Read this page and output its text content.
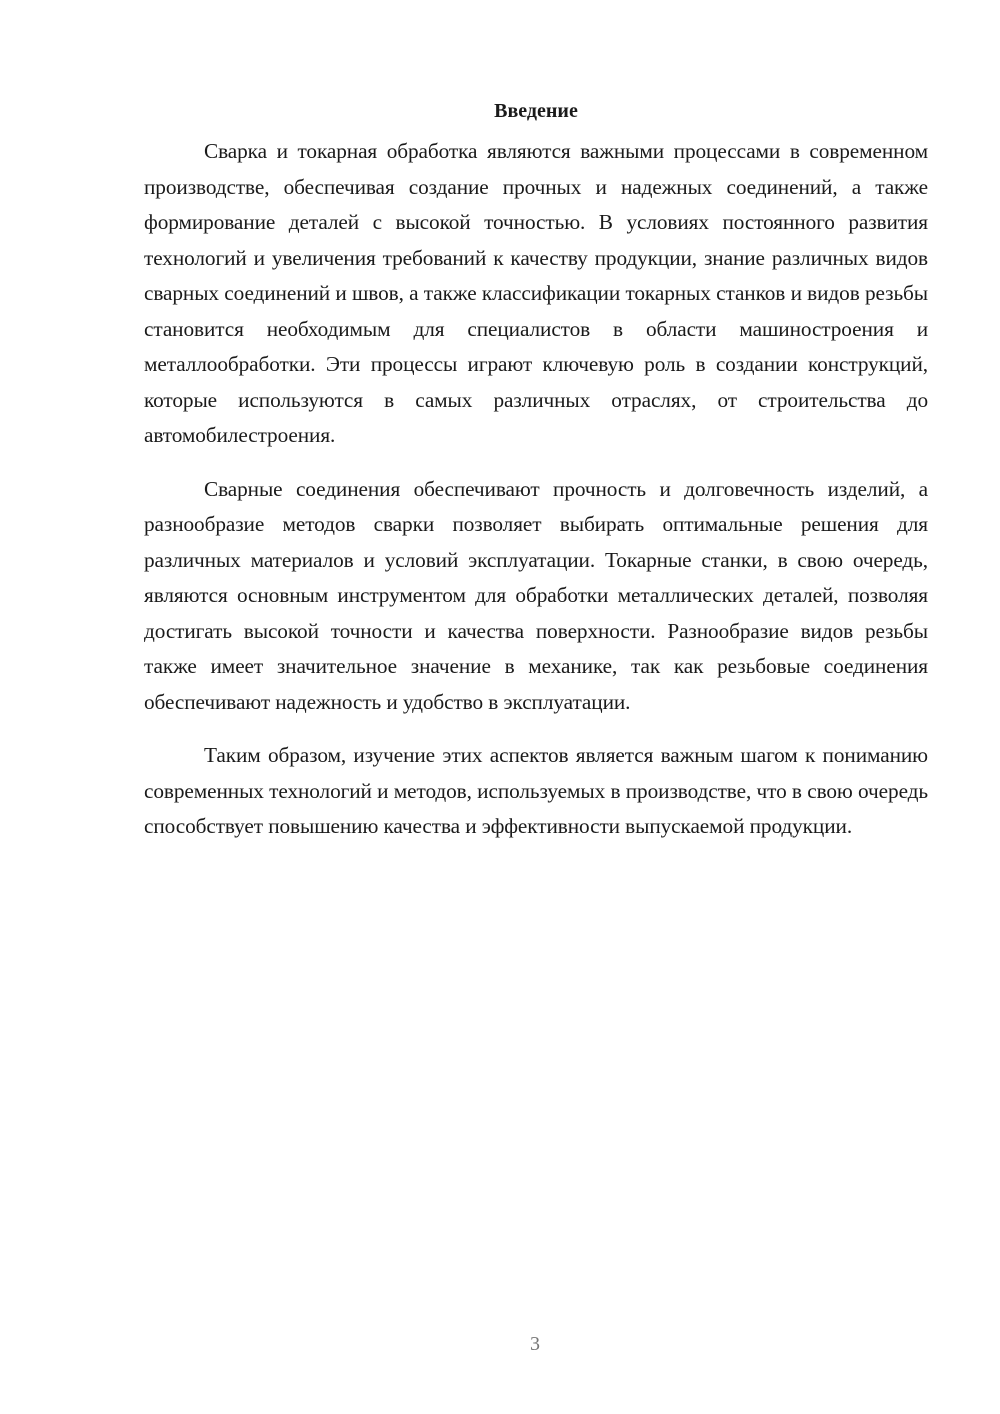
Введение

Сварка и токарная обработка являются важными процессами в современном производстве, обеспечивая создание прочных и надежных соединений, а также формирование деталей с высокой точностью. В условиях постоянного развития технологий и увеличения требований к качеству продукции, знание различных видов сварных соединений и швов, а также классификации токарных станков и видов резьбы становится необходимым для специалистов в области машиностроения и металлообработки. Эти процессы играют ключевую роль в создании конструкций, которые используются в самых различных отраслях, от строительства до автомобилестроения.

Сварные соединения обеспечивают прочность и долговечность изделий, а разнообразие методов сварки позволяет выбирать оптимальные решения для различных материалов и условий эксплуатации. Токарные станки, в свою очередь, являются основным инструментом для обработки металлических деталей, позволяя достигать высокой точности и качества поверхности. Разнообразие видов резьбы также имеет значительное значение в механике, так как резьбовые соединения обеспечивают надежность и удобство в эксплуатации.

Таким образом, изучение этих аспектов является важным шагом к пониманию современных технологий и методов, используемых в производстве, что в свою очередь способствует повышению качества и эффективности выпускаемой продукции.

3
